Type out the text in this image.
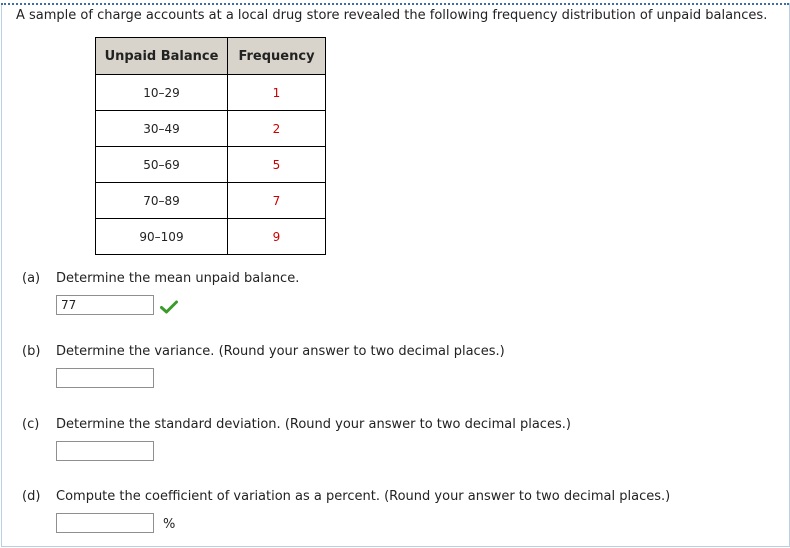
A sample of charge accounts at a local drug store revealed the following frequency distribution of unpaid balances.
Unpaid Balance	Frequency
10–29	1
30–49	2
50–69	5
70–89	7
90–109	9
(a) Determine the mean unpaid balance.
77
(b) Determine the variance. (Round your answer to two decimal places.)
(c) Determine the standard deviation. (Round your answer to two decimal places.)
(d) Compute the coefficient of variation as a percent. (Round your answer to two decimal places.)
%
